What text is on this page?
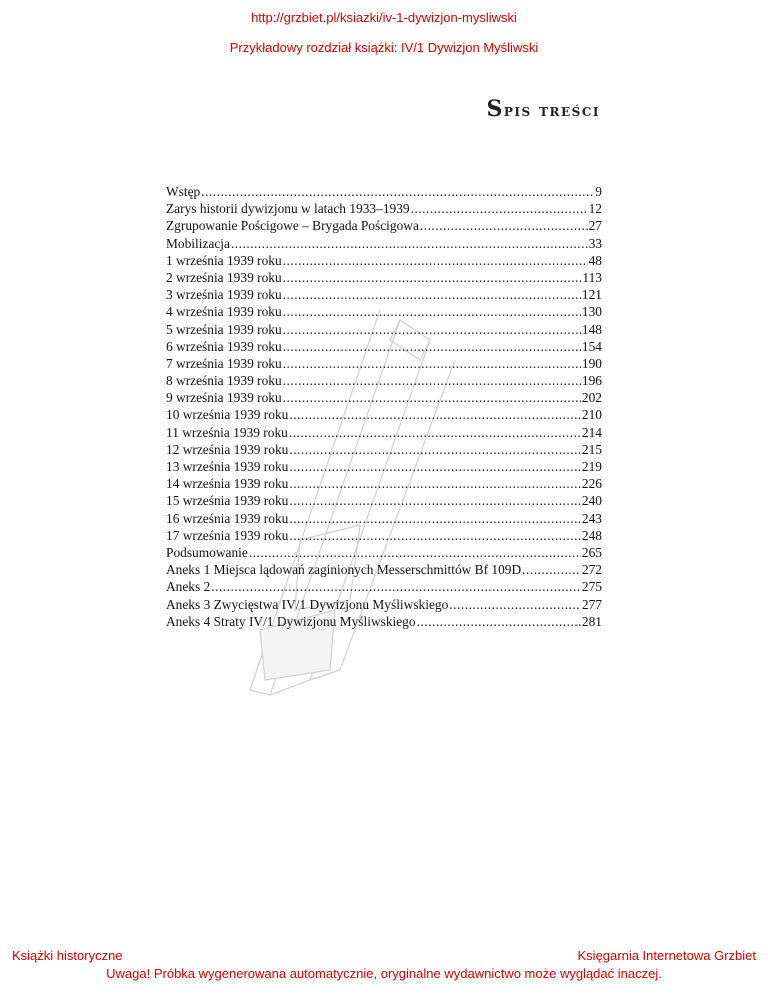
http://grzbiet.pl/ksiazki/iv-1-dywizjon-mysliwski
Przykładowy rozdział książki: IV/1 Dywizjon Myśliwski
Spis treści
Wstęp .....	9
Zarys historii dywizjonu w latach 1933–1939 .....	12
Zgrupowanie Pościgowe – Brygada Pościgowa .....	27
Mobilizacja .....	33
1 września 1939 roku .....	48
2 września 1939 roku .....	113
3 września 1939 roku .....	121
4 września 1939 roku .....	130
5 września 1939 roku .....	148
6 września 1939 roku .....	154
7 września 1939 roku .....	190
8 września 1939 roku .....	196
9 września 1939 roku .....	202
10 września 1939 roku .....	210
11 września 1939 roku .....	214
12 września 1939 roku .....	215
13 września 1939 roku .....	219
14 września 1939 roku .....	226
15 września 1939 roku .....	240
16 września 1939 roku .....	243
17 września 1939 roku .....	248
Podsumowanie .....	265
Aneks 1 Miejsca lądowań zaginionych Messerschmittów Bf 109D .....	272
Aneks 2 .....	275
Aneks 3 Zwycięstwa IV/1 Dywizjonu Myśliwskiego .....	277
Aneks 4 Straty IV/1 Dywizjonu Myśliwskiego .....	281
Książki historyczne	Księgarnia Internetowa Grzbiet
Uwaga! Próbka wygenerowana automatycznie, oryginalne wydawnictwo może wyglądać inaczej.
